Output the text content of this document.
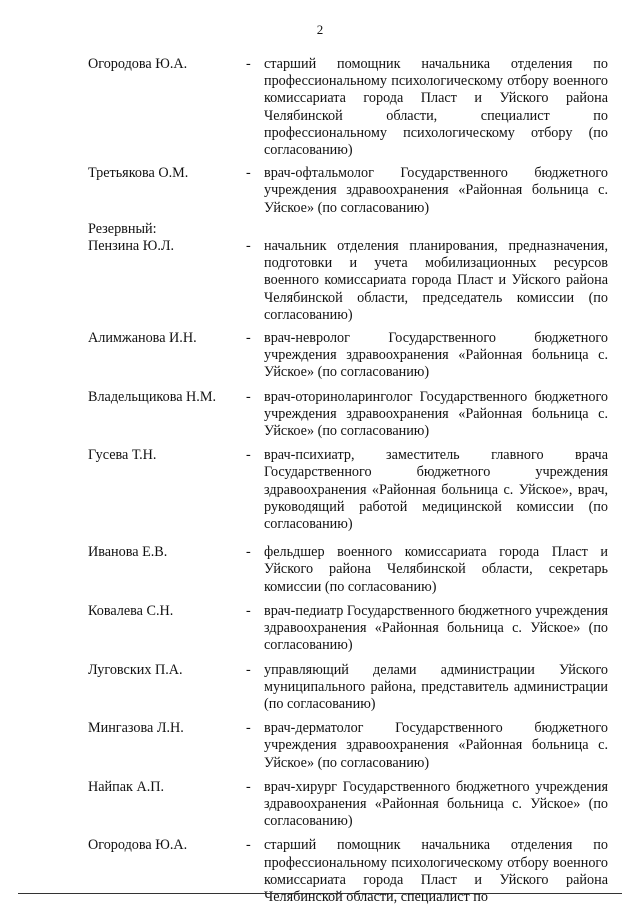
2
Огородова Ю.А.	- старший помощник начальника отделения по профессиональному психологическому отбору военного комиссариата города Пласт и Уйского района Челябинской области, специалист по профессиональному психологическому отбору (по согласованию)
Третьякова О.М.	- врач-офтальмолог Государственного бюджетного учреждения здравоохранения «Районная больница с. Уйское» (по согласованию)
Резервный:
Пензина Ю.Л.	- начальник отделения планирования, предназначения, подготовки и учета мобилизационных ресурсов военного комиссариата города Пласт и Уйского района Челябинской области, председатель комиссии (по согласованию)
Алимжанова И.Н.	- врач-невролог Государственного бюджетного учреждения здравоохранения «Районная больница с. Уйское» (по согласованию)
Владельщикова Н.М.	- врач-оториноларинголог Государственного бюджетного учреждения здравоохранения «Районная больница с. Уйское» (по согласованию)
Гусева Т.Н.	- врач-психиатр, заместитель главного врача Государственного бюджетного учреждения здравоохранения «Районная больница с. Уйское», врач, руководящий работой медицинской комиссии (по согласованию)
Иванова Е.В.	- фельдшер военного комиссариата города Пласт и Уйского района Челябинской области, секретарь комиссии (по согласованию)
Ковалева С.Н.	- врач-педиатр Государственного бюджетного учреждения здравоохранения «Районная больница с. Уйское» (по согласованию)
Луговских П.А.	- управляющий делами администрации Уйского муниципального района, представитель администрации (по согласованию)
Мингазова Л.Н.	- врач-дерматолог Государственного бюджетного учреждения здравоохранения «Районная больница с. Уйское» (по согласованию)
Найпак А.П.	- врач-хирург Государственного бюджетного учреждения здравоохранения «Районная больница с. Уйское» (по согласованию)
Огородова Ю.А.	- старший помощник начальника отделения по профессиональному психологическому отбору военного комиссариата города Пласт и Уйского района Челябинской области, специалист по
